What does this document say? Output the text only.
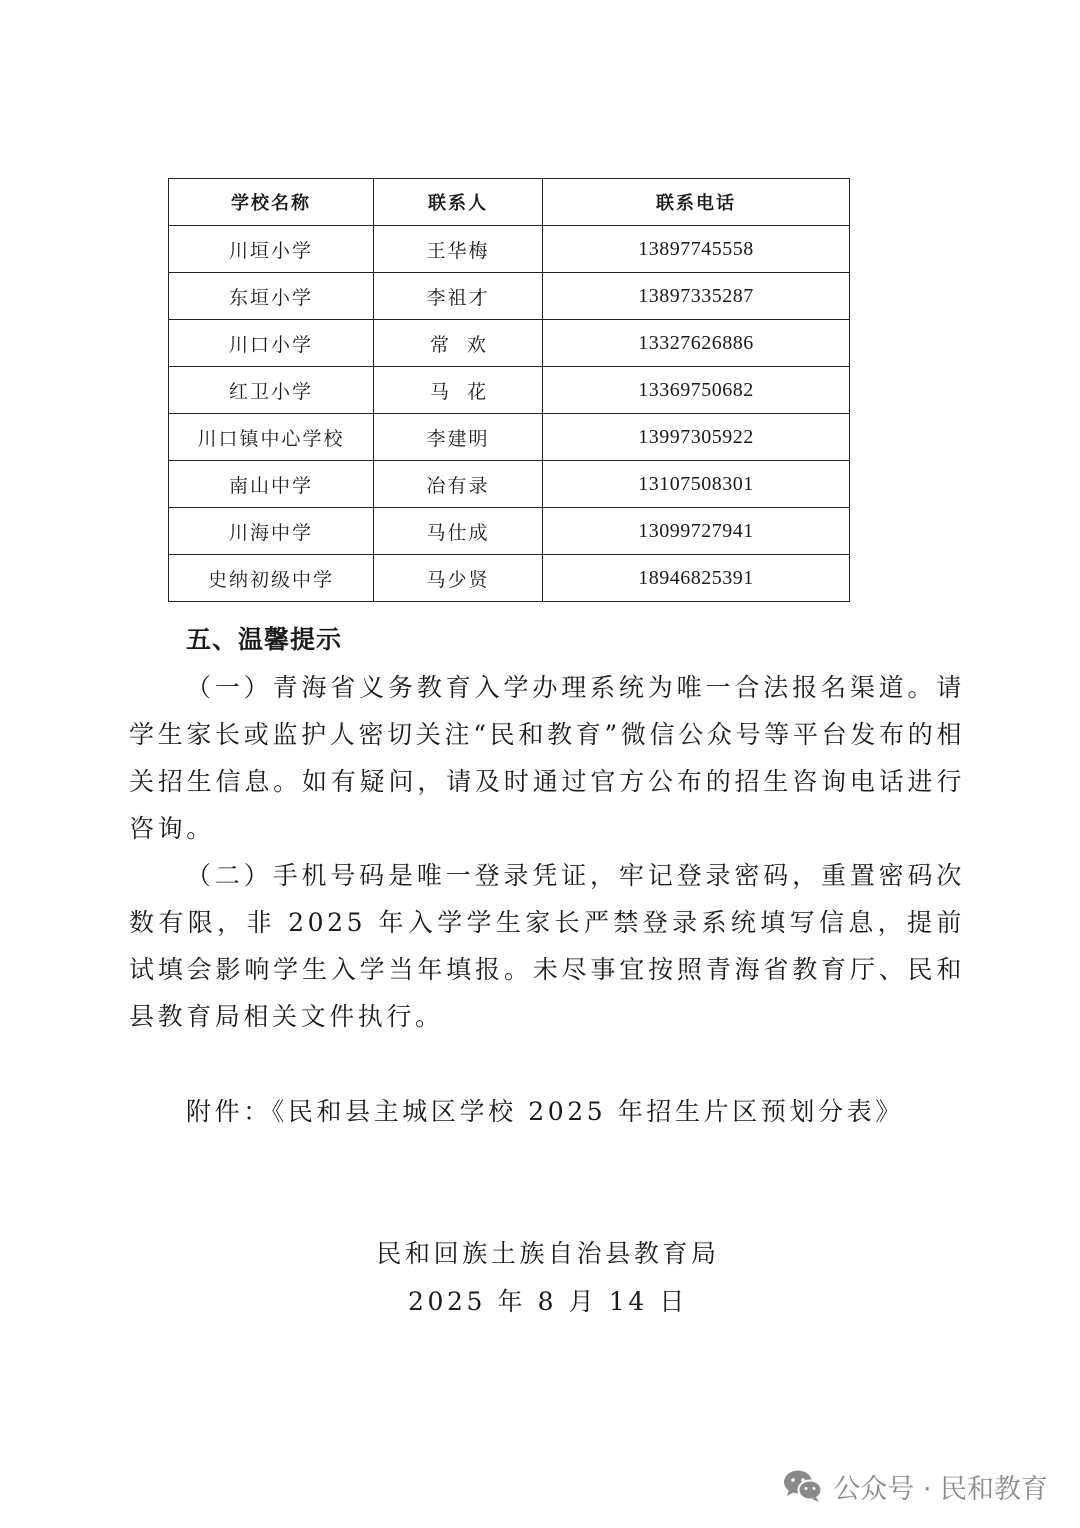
学校名称	联系人	联系电话
川垣小学	王华梅	13897745558
东垣小学	李祖才	13897335287
川口小学	常欢	13327626886
红卫小学	马花	13369750682
川口镇中心学校	李建明	13997305922
南山中学	冶有录	13107508301
川海中学	马仕成	13099727941
史纳初级中学	马少贤	18946825391
五、温馨提示

（一）青海省义务教育入学办理系统为唯一合法报名渠道。请学生家长或监护人密切关注“民和教育”微信公众号等平台发布的相关招生信息。如有疑问，请及时通过官方公布的招生咨询电话进行咨询。

（二）手机号码是唯一登录凭证，牢记登录密码，重置密码次数有限，非 2025 年入学学生家长严禁登录系统填写信息，提前试填会影响学生入学当年填报。未尽事宜按照青海省教育厅、民和县教育局相关文件执行。

附件：《民和县主城区学校 2025 年招生片区预划分表》

民和回族土族自治县教育局

2025 年 8 月 14 日

公众号 · 民和教育
